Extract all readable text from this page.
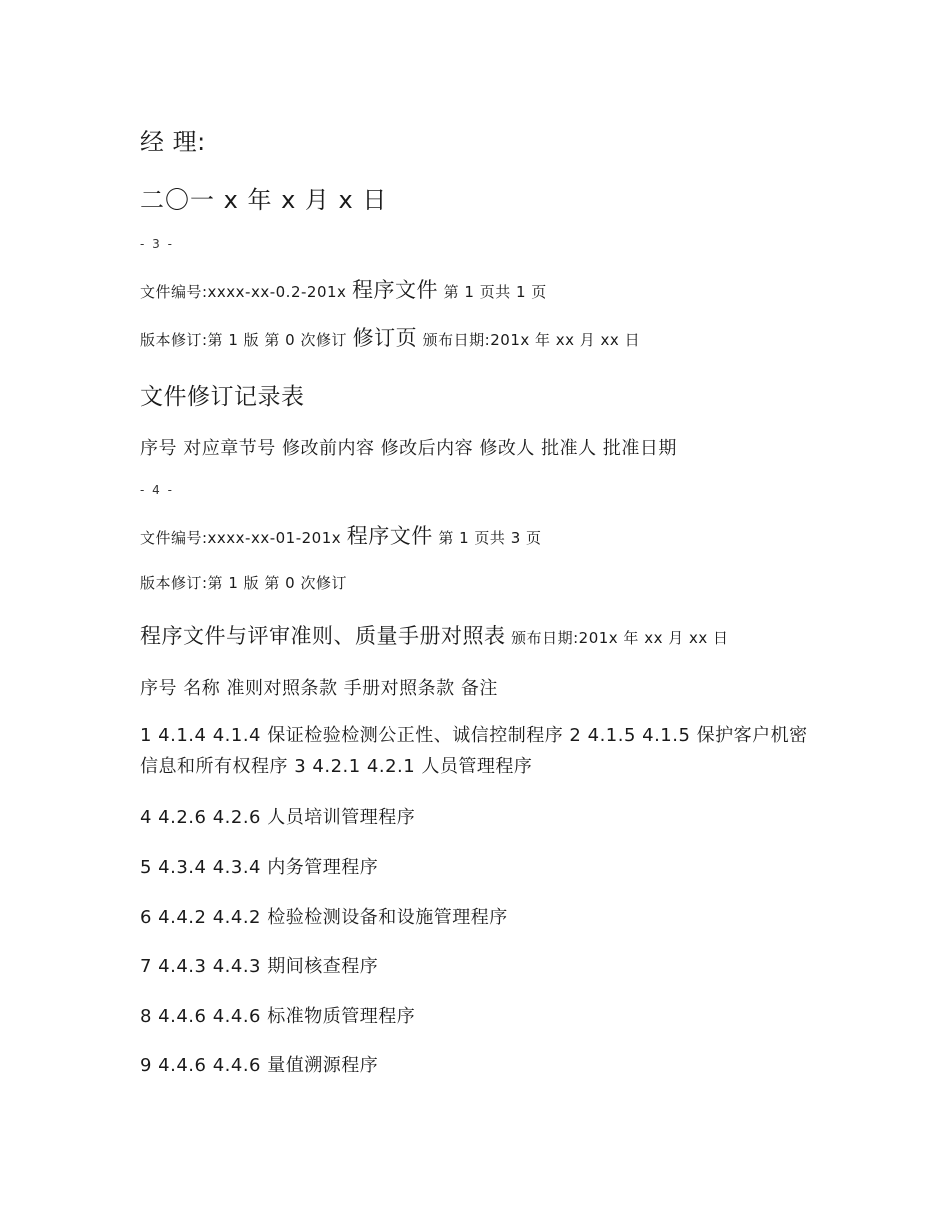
经 理:
二〇一 x 年 x 月 x 日
- 3 -
文件编号:xxxx-xx-0.2-201x 程序文件 第 1 页共 1 页
版本修订:第 1 版 第 0 次修订 修订页 颁布日期:201x 年 xx 月 xx 日
文件修订记录表
序号 对应章节号 修改前内容 修改后内容 修改人 批准人 批准日期
- 4 -
文件编号:xxxx-xx-01-201x 程序文件 第 1 页共 3 页
版本修订:第 1 版 第 0 次修订
程序文件与评审准则、质量手册对照表 颁布日期:201x 年 xx 月 xx 日
序号 名称 准则对照条款 手册对照条款 备注
1 4.1.4 4.1.4 保证检验检测公正性、诚信控制程序 2 4.1.5 4.1.5 保护客户机密信息和所有权程序 3 4.2.1 4.2.1 人员管理程序
4 4.2.6 4.2.6 人员培训管理程序
5 4.3.4 4.3.4 内务管理程序
6 4.4.2 4.4.2 检验检测设备和设施管理程序
7 4.4.3 4.4.3 期间核查程序
8 4.4.6 4.4.6 标准物质管理程序
9 4.4.6 4.4.6 量值溯源程序
